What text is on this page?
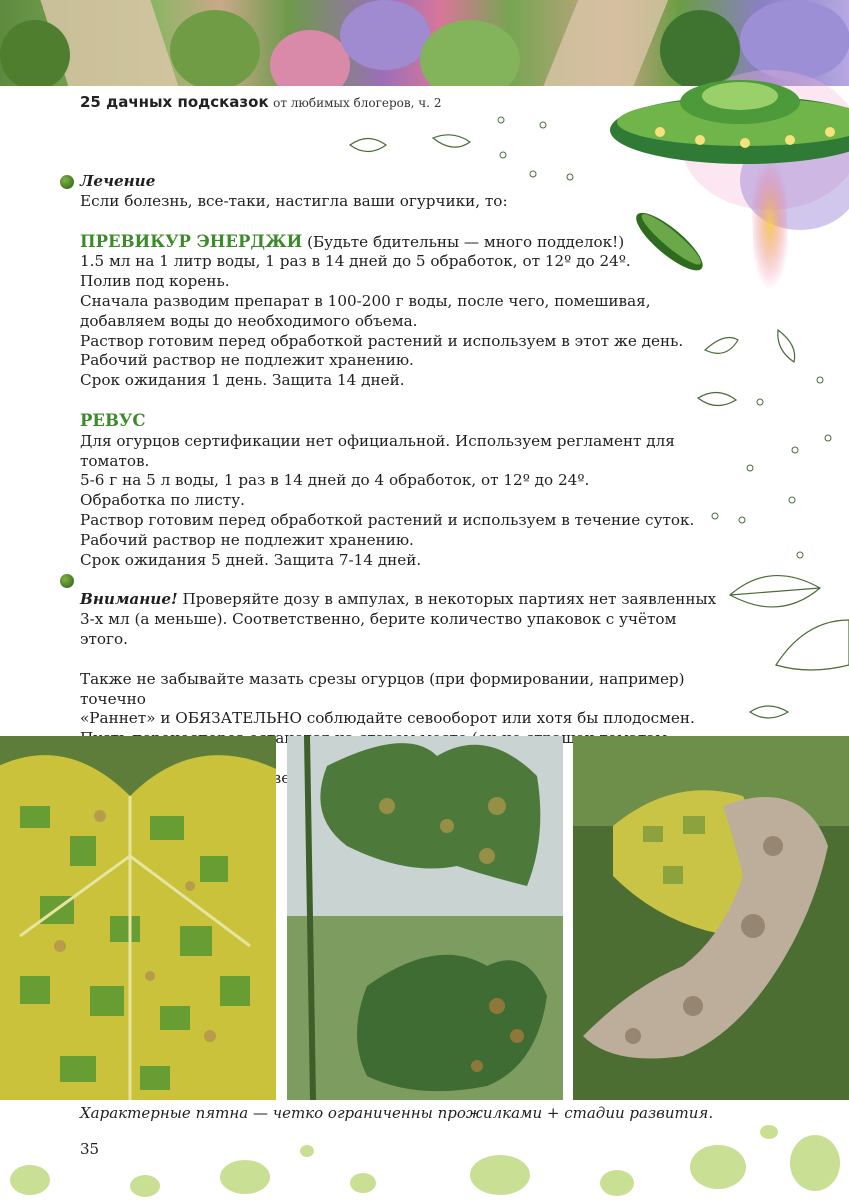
25 дачных подсказок от любимых блогеров, ч. 2

Лечение

Если болезнь, все-таки, настигла ваши огурчики, то:

ПРЕВИКУР ЭНЕРДЖИ (Будьте бдительны — много подделок!)

1.5 мл на 1 литр воды, 1 раз в 14 дней до 5 обработок, от 12º до 24º.

Полив под корень.

Сначала разводим препарат в 100-200 г воды, после чего, помешивая,

добавляем воды до необходимого объема.

Раствор готовим перед обработкой растений и используем в этот же день.

Рабочий раствор не подлежит хранению.

Срок ожидания 1 день. Защита 14 дней.

РЕВУС

Для огурцов сертификации нет официальной. Используем регламент для томатов.

5-6 г на 5 л воды, 1 раз в 14 дней до 4 обработок, от 12º до 24º.

Обработка по листу.

Раствор готовим перед обработкой растений и используем в течение суток.

Рабочий раствор не подлежит хранению.

Срок ожидания 5 дней. Защита 7-14 дней.

Внимание! Проверяйте дозу в ампулах, в некоторых партиях нет заявленных

3-х мл (а меньше). Соответственно, берите количество упаковок с учётом этого.

Также не забывайте мазать срезы огурцов (при формировании, например) точечно

«Раннет» и ОБЯЗАТЕЛЬНО соблюдайте севооборот или хотя бы плодосмен.

процветают

Характерные пятна — четко ограниченны прожилками + стадии развития.
35
